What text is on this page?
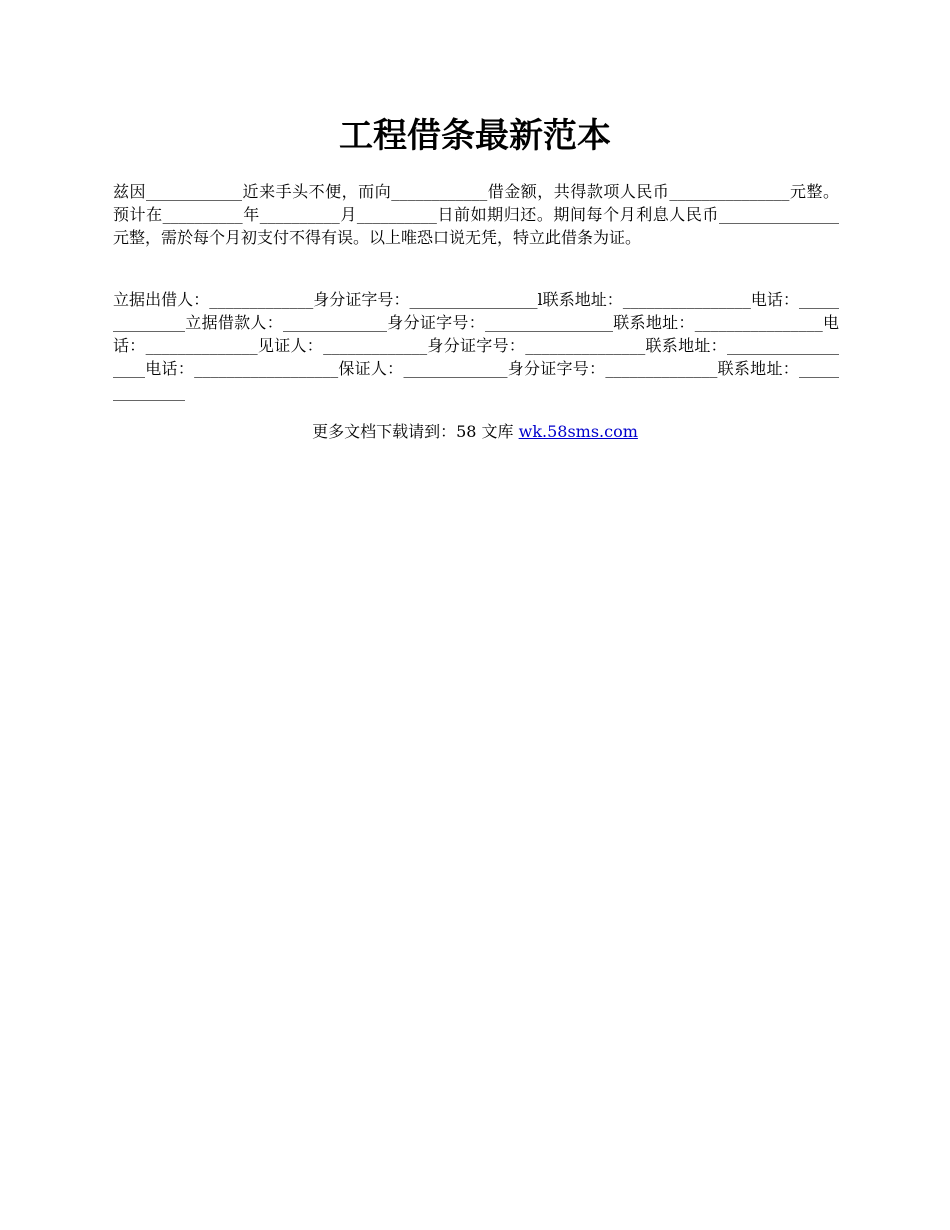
工程借条最新范本

兹因____________近来手头不便，而向____________借金额，共得款项人民币_______________元整。预计在__________年__________月__________日前如期归还。期间每个月利息人民币_______________元整，需於每个月初支付不得有误。以上唯恐口说无凭，特立此借条为证。

立据出借人：_____________身分证字号：________________l联系地址：________________电话：______________立据借款人：_____________身分证字号：________________联系地址：________________电话：______________见证人：_____________身分证字号：_______________联系地址：__________________电话：__________________保证人：_____________身分证字号：______________联系地址：______________

更多文档下载请到：58 文库 wk.58sms.com
